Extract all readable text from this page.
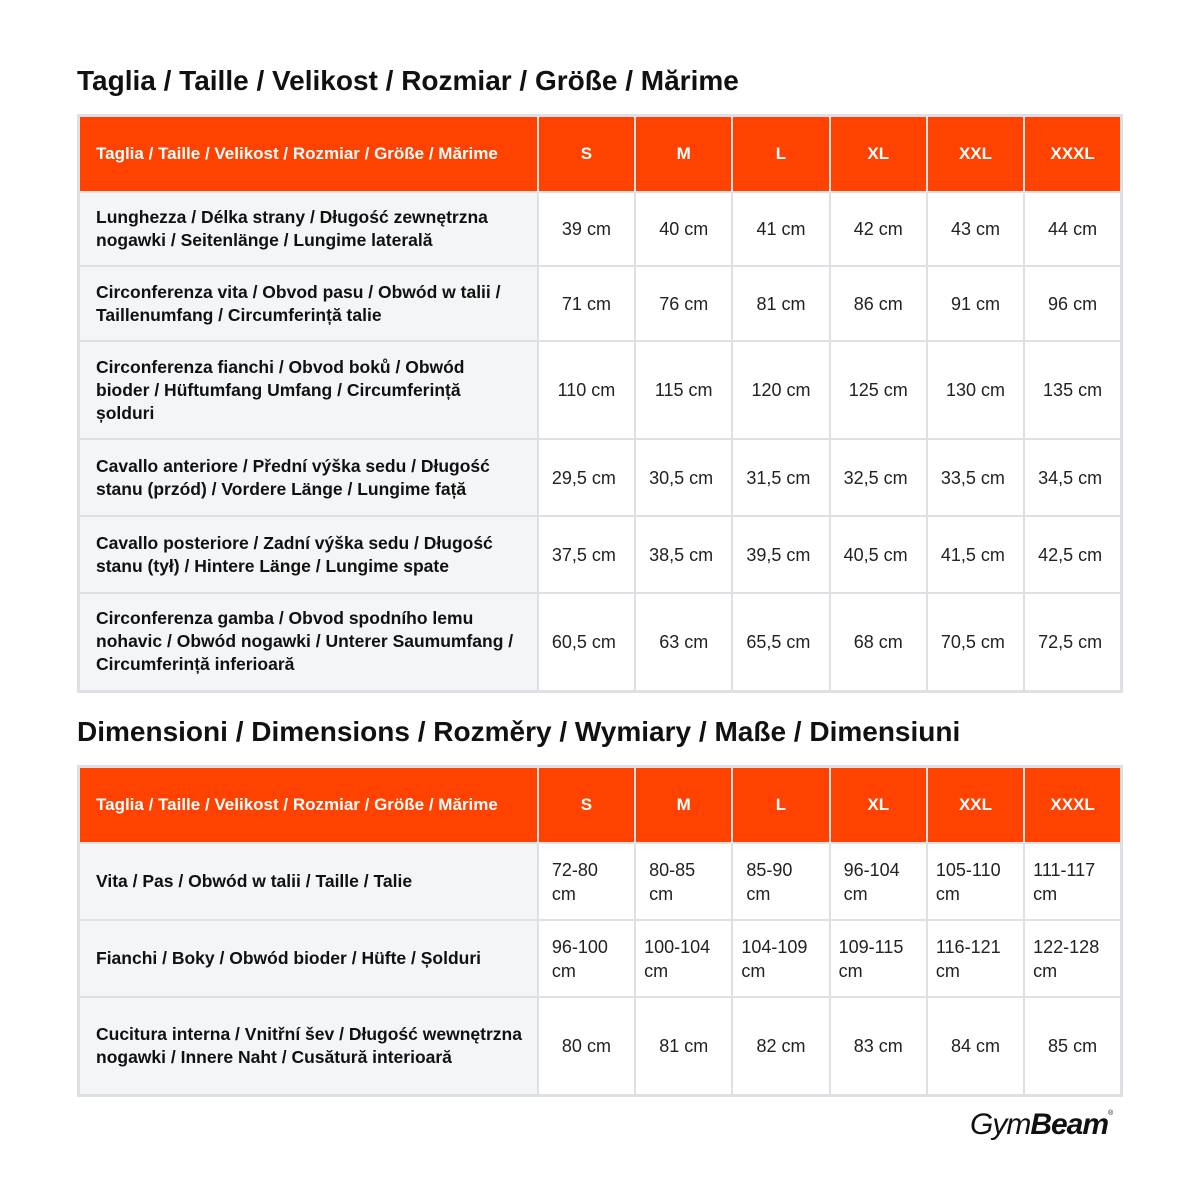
Taglia / Taille / Velikost / Rozmiar / Größe / Mărime
Taglia / Taille / Velikost / Rozmiar / Größe / Mărime	S	M	L	XL	XXL	XXXL
Lunghezza / Délka strany / Długość zewnętrzna nogawki / Seitenlänge / Lungime laterală	39 cm	40 cm	41 cm	42 cm	43 cm	44 cm
Circonferenza vita / Obvod pasu / Obwód w talii / Taillenumfang / Circumferință talie	71 cm	76 cm	81 cm	86 cm	91 cm	96 cm
Circonferenza fianchi / Obvod boků / Obwód bioder / Hüftumfang Umfang / Circumferință șolduri	110 cm	115 cm	120 cm	125 cm	130 cm	135 cm
Cavallo anteriore / Přední výška sedu / Długość stanu (przód) / Vordere Länge / Lungime față	29,5 cm	30,5 cm	31,5 cm	32,5 cm	33,5 cm	34,5 cm
Cavallo posteriore / Zadní výška sedu / Długość stanu (tył) / Hintere Länge / Lungime spate	37,5 cm	38,5 cm	39,5 cm	40,5 cm	41,5 cm	42,5 cm
Circonferenza gamba / Obvod spodního lemu nohavic / Obwód nogawki / Unterer Saumumfang / Circumferință inferioară	60,5 cm	63 cm	65,5 cm	68 cm	70,5 cm	72,5 cm
Dimensioni / Dimensions / Rozměry / Wymiary / Maße / Dimensiuni
Taglia / Taille / Velikost / Rozmiar / Größe / Mărime	S	M	L	XL	XXL	XXXL
Vita / Pas / Obwód w talii / Taille / Talie	72-80 cm	80-85 cm	85-90 cm	96-104 cm	105-110 cm	111-117 cm
Fianchi / Boky / Obwód bioder / Hüfte / Șolduri	96-100 cm	100-104 cm	104-109 cm	109-115 cm	116-121 cm	122-128 cm
Cucitura interna / Vnitřní šev / Długość wewnętrzna nogawki / Innere Naht / Cusătură interioară	80 cm	81 cm	82 cm	83 cm	84 cm	85 cm
GymBeam®
